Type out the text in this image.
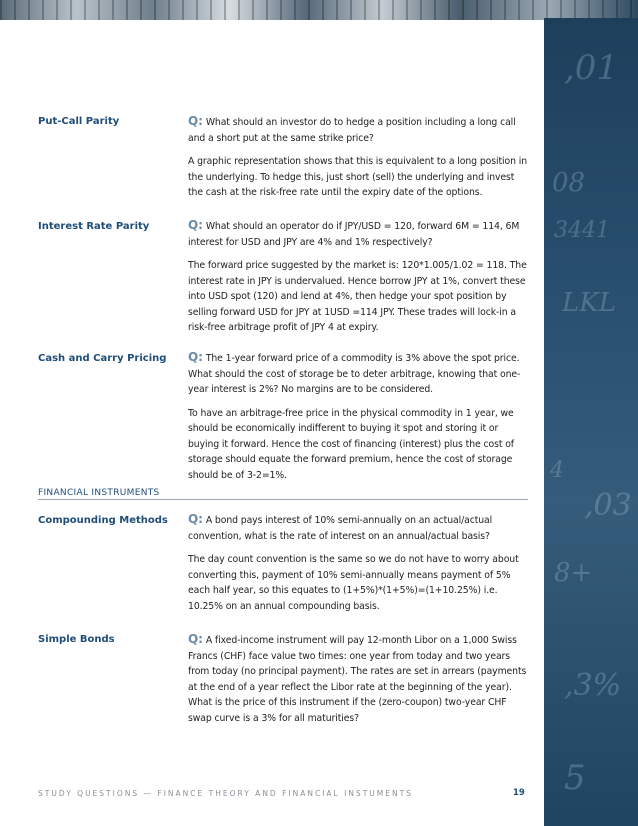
,01
08
3441
LKL
4
,03
8+
,3%
5
Put-Call Parity	Q: What should an investor do to hedge a position including a long call and a short put at the same strike price?

A graphic representation shows that this is equivalent to a long position in the underlying. To hedge this, just short (sell) the underlying and invest the cash at the risk-free rate until the expiry date of the options.

Interest Rate Parity	Q: What should an operator do if JPY/USD = 120, forward 6M = 114, 6M interest for USD and JPY are 4% and 1% respectively?

The forward price suggested by the market is: 120*1.005/1.02 = 118. The interest rate in JPY is undervalued. Hence borrow JPY at 1%, convert these into USD spot (120) and lend at 4%, then hedge your spot position by selling forward USD for JPY at 1USD =114 JPY. These trades will lock-in a risk-free arbitrage profit of JPY 4 at expiry.

Cash and Carry Pricing	Q: The 1-year forward price of a commodity is 3% above the spot price. What should the cost of storage be to deter arbitrage, knowing that one-year interest is 2%? No margins are to be considered.

To have an arbitrage-free price in the physical commodity in 1 year, we should be economically indifferent to buying it spot and storing it or buying it forward. Hence the cost of financing (interest) plus the cost of storage should equate the forward premium, hence the cost of storage should be of 3-2=1%.

FINANCIAL INSTRUMENTS
Compounding Methods	Q: A bond pays interest of 10% semi-annually on an actual/actual convention, what is the rate of interest on an annual/actual basis?

The day count convention is the same so we do not have to worry about converting this, payment of 10% semi-annually means payment of 5% each half year, so this equates to (1+5%)*(1+5%)=(1+10.25%) i.e. 10.25% on an annual compounding basis.

Simple Bonds	Q: A fixed-income instrument will pay 12-month Libor on a 1,000 Swiss Francs (CHF) face value two times: one year from today and two years from today (no principal payment). The rates are set in arrears (payments at the end of a year reflect the Libor rate at the beginning of the year). What is the price of this instrument if the (zero-coupon) two-year CHF swap curve is a 3% for all maturities?

STUDY QUESTIONS — FINANCE THEORY AND FINANCIAL INSTUMENTS	19
